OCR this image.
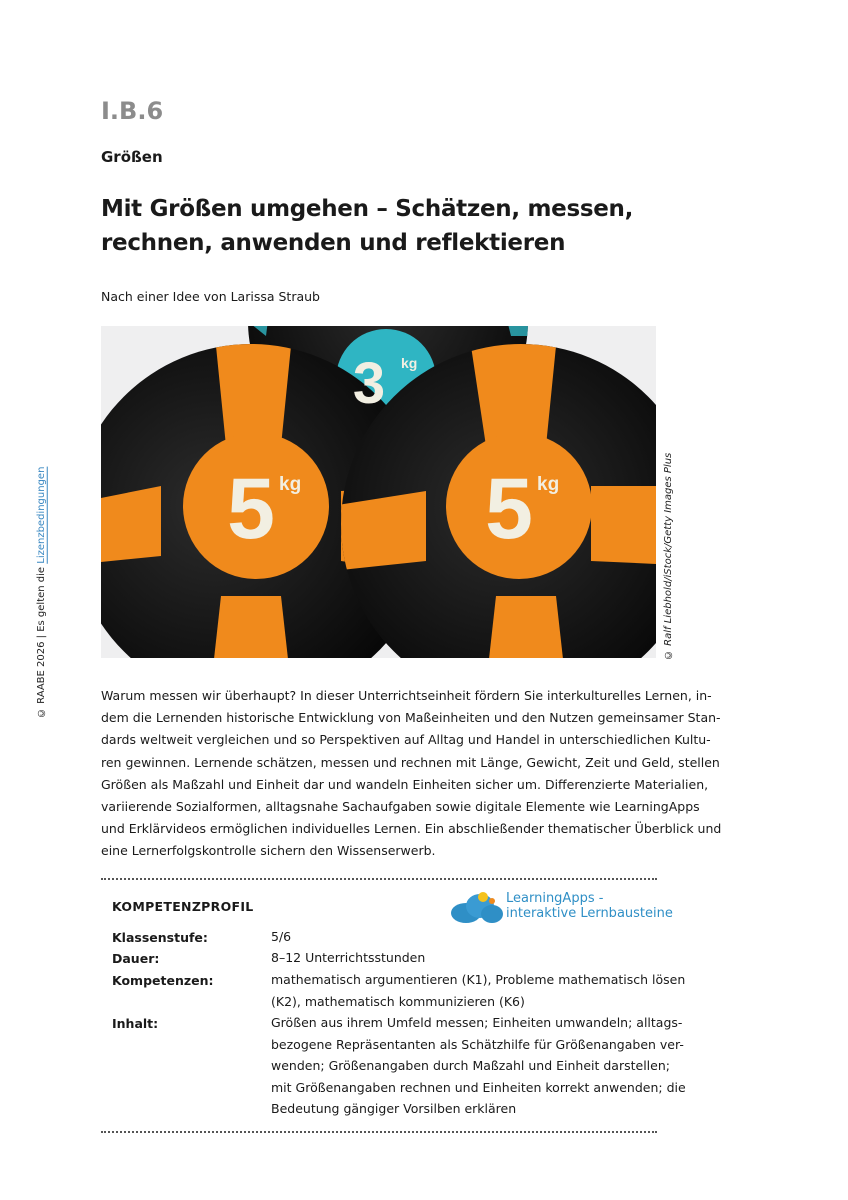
I.B.6
Größen
Mit Größen umgehen – Schätzen, messen,
rechnen, anwenden und reflektieren
Nach einer Idee von Larissa Straub
3 kg
5 kg 5 kg	© Ralf Liebhold/iStock/Getty Images Plus
© RAABE 2026 | Es gelten die Lizenzbedingungen
Warum messen wir überhaupt? In dieser Unterrichtseinheit fördern Sie interkulturelles Lernen, in-
dem die Lernenden historische Entwicklung von Maßeinheiten und den Nutzen gemeinsamer Stan-
dards weltweit vergleichen und so Perspektiven auf Alltag und Handel in unterschiedlichen Kultu-
ren gewinnen. Lernende schätzen, messen und rechnen mit Länge, Gewicht, Zeit und Geld, stellen
Größen als Maßzahl und Einheit dar und wandeln Einheiten sicher um. Differenzierte Materialien,
variierende Sozialformen, alltagsnahe Sachaufgaben sowie digitale Elemente wie LearningApps
und Erklärvideos ermöglichen individuelles Lernen. Ein abschließender thematischer Überblick und
eine Lernerfolgskontrolle sichern den Wissenserwerb.
KOMPETENZPROFIL
LearningApps -
interaktive Lernbausteine
Klassenstufe:	5/6
Dauer:	8–12 Unterrichtsstunden
Kompetenzen:	mathematisch argumentieren (K1), Probleme mathematisch lösen
(K2), mathematisch kommunizieren (K6)
Inhalt:	Größen aus ihrem Umfeld messen; Einheiten umwandeln; alltags-
bezogene Repräsentanten als Schätzhilfe für Größenangaben ver-
wenden; Größenangaben durch Maßzahl und Einheit darstellen;
mit Größenangaben rechnen und Einheiten korrekt anwenden; die
Bedeutung gängiger Vorsilben erklären
